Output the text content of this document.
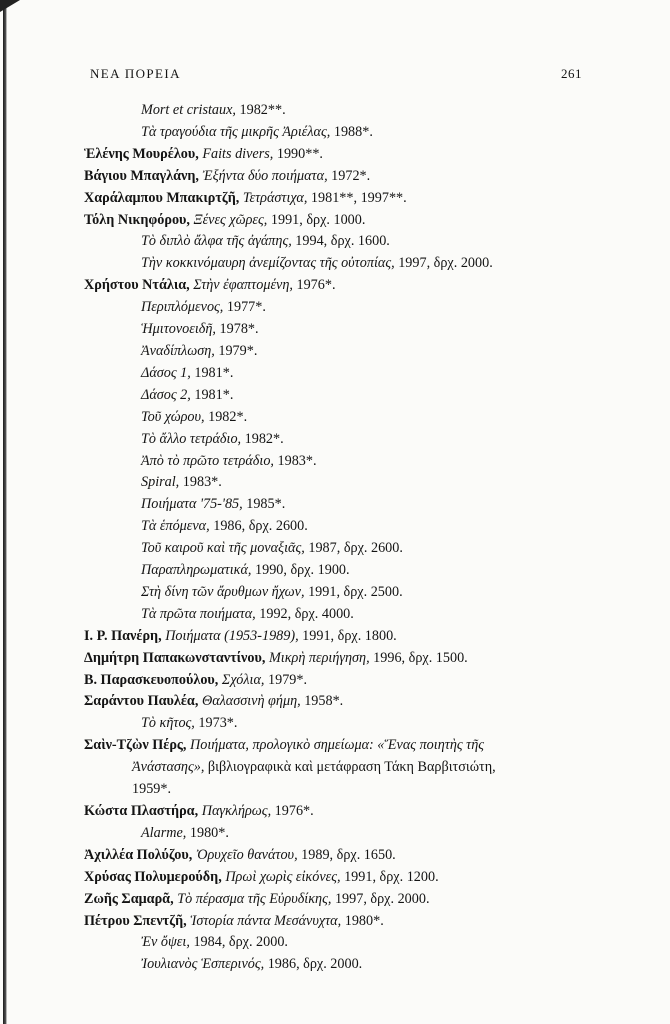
ΝΕΑ ΠΟΡΕΙΑ	261
Mort et cristaux, 1982**.
Τὰ τραγούδια τῆς μικρῆς Ἀριέλας, 1988*.
Ἑλένης Μουρέλου, Faits divers, 1990**.
Βάγιου Μπαγλάνη, Ἐξήντα δύο ποιήματα, 1972*.
Χαράλαμπου Μπακιρτζῆ, Τετράστιχα, 1981**, 1997**.
Τόλη Νικηφόρου, Ξένες χῶρες, 1991, δρχ. 1000.
Τὸ διπλὸ ἄλφα τῆς ἀγάπης, 1994, δρχ. 1600.
Τὴν κοκκινόμαυρη ἀνεμίζοντας τῆς οὐτοπίας, 1997, δρχ. 2000.
Χρήστου Ντάλια, Στὴν ἐφαπτομένη, 1976*.
Περιπλόμενος, 1977*.
Ἡμιτονοειδῆ, 1978*.
Ἀναδίπλωση, 1979*.
Δάσος 1, 1981*.
Δάσος 2, 1981*.
Τοῦ χώρου, 1982*.
Τὸ ἄλλο τετράδιο, 1982*.
Ἀπὸ τὸ πρῶτο τετράδιο, 1983*.
Spiral, 1983*.
Ποιήματα '75-'85, 1985*.
Τὰ ἑπόμενα, 1986, δρχ. 2600.
Τοῦ καιροῦ καὶ τῆς μοναξιᾶς, 1987, δρχ. 2600.
Παραπληρωματικά, 1990, δρχ. 1900.
Στὴ δίνη τῶν ἄρυθμων ἤχων, 1991, δρχ. 2500.
Τὰ πρῶτα ποιήματα, 1992, δρχ. 4000.
Ι. Ρ. Πανέρη, Ποιήματα (1953-1989), 1991, δρχ. 1800.
Δημήτρη Παπακωνσταντίνου, Μικρὴ περιήγηση, 1996, δρχ. 1500.
Β. Παρασκευοπούλου, Σχόλια, 1979*.
Σαράντου Παυλέα, Θαλασσινὴ φήμη, 1958*.
Τὸ κῆτος, 1973*.
Σαὶν-Τζὼν Πέρς, Ποιήματα, προλογικὸ σημείωμα: «Ἕνας ποιητὴς τῆς
Ἀνάστασης», βιβλιογραφικὰ καὶ μετάφραση Τάκη Βαρβιτσιώτη,
1959*.
Κώστα Πλαστήρα, Παγκλήρως, 1976*.
Alarme, 1980*.
Ἀχιλλέα Πολύζου, Ὀρυχεῖο θανάτου, 1989, δρχ. 1650.
Χρύσας Πολυμερούδη, Πρωὶ χωρὶς εἰκόνες, 1991, δρχ. 1200.
Ζωῆς Σαμαρᾶ, Τὸ πέρασμα τῆς Εὐρυδίκης, 1997, δρχ. 2000.
Πέτρου Σπεντζῆ, Ἱστορία πάντα Μεσάνυχτα, 1980*.
Ἐν ὄψει, 1984, δρχ. 2000.
Ἰουλιανὸς Ἑσπερινός, 1986, δρχ. 2000.
